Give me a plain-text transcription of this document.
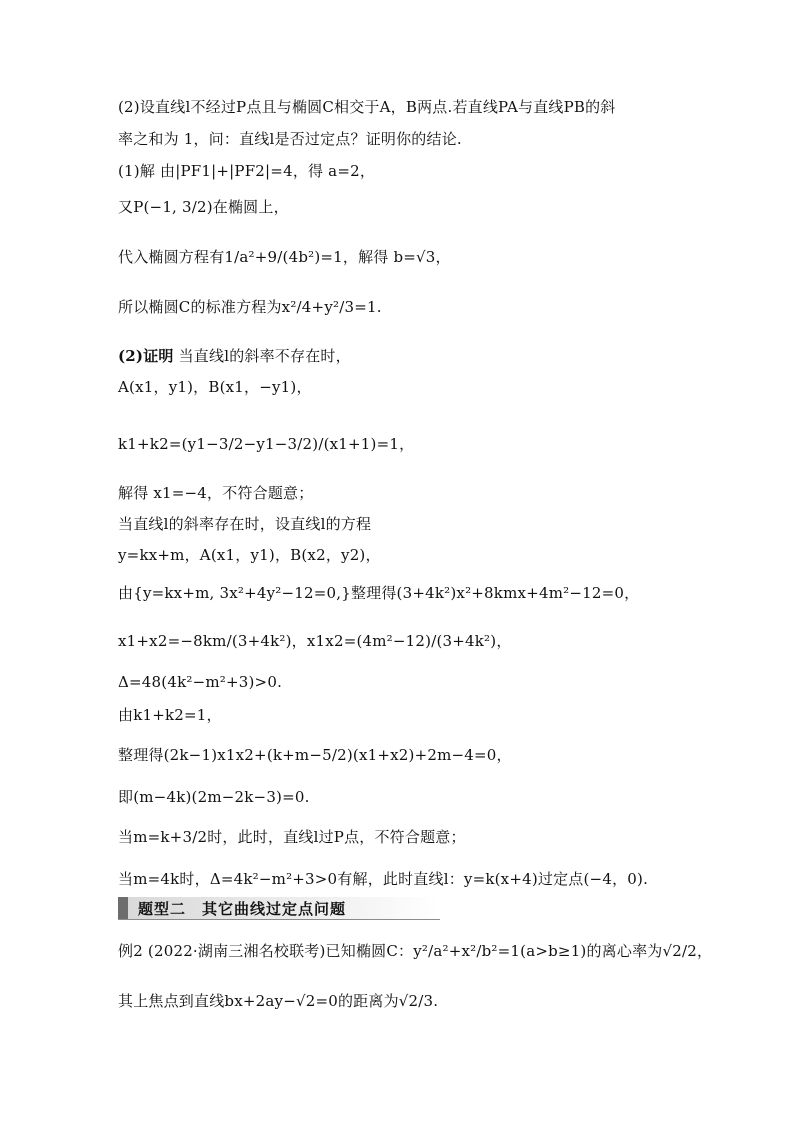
(2)设直线l不经过P点且与椭圆C相交于A，B两点.若直线PA与直线PB的斜
率之和为 1，问：直线l是否过定点？证明你的结论.
(1)解 由|PF1|+|PF2|=4，得 a=2，
又P(−1, 3/2)在椭圆上，
代入椭圆方程有1/a²+9/(4b²)=1，解得 b=√3，
所以椭圆C的标准方程为x²/4+y²/3=1.
(2)证明 当直线l的斜率不存在时，
A(x1，y1)，B(x1，−y1)，
k1+k2=(y1−3/2−y1−3/2)/(x1+1)=1，
解得 x1=−4，不符合题意；
当直线l的斜率存在时，设直线l的方程
y=kx+m，A(x1，y1)，B(x2，y2)，
由{y=kx+m, 3x²+4y²−12=0,}整理得(3+4k²)x²+8kmx+4m²−12=0，
x1+x2=−8km/(3+4k²)，x1x2=(4m²−12)/(3+4k²)，
Δ=48(4k²−m²+3)>0.
由k1+k2=1，
整理得(2k−1)x1x2+(k+m−5/2)(x1+x2)+2m−4=0，
即(m−4k)(2m−2k−3)=0.
当m=k+3/2时，此时，直线l过P点，不符合题意；
当m=4k时，Δ=4k²−m²+3>0有解，此时直线l：y=k(x+4)过定点(−4，0).
题型二　其它曲线过定点问题
例2 (2022·湖南三湘名校联考)已知椭圆C：y²/a²+x²/b²=1(a>b≥1)的离心率为√2/2，
其上焦点到直线bx+2ay−√2=0的距离为√2/3.
